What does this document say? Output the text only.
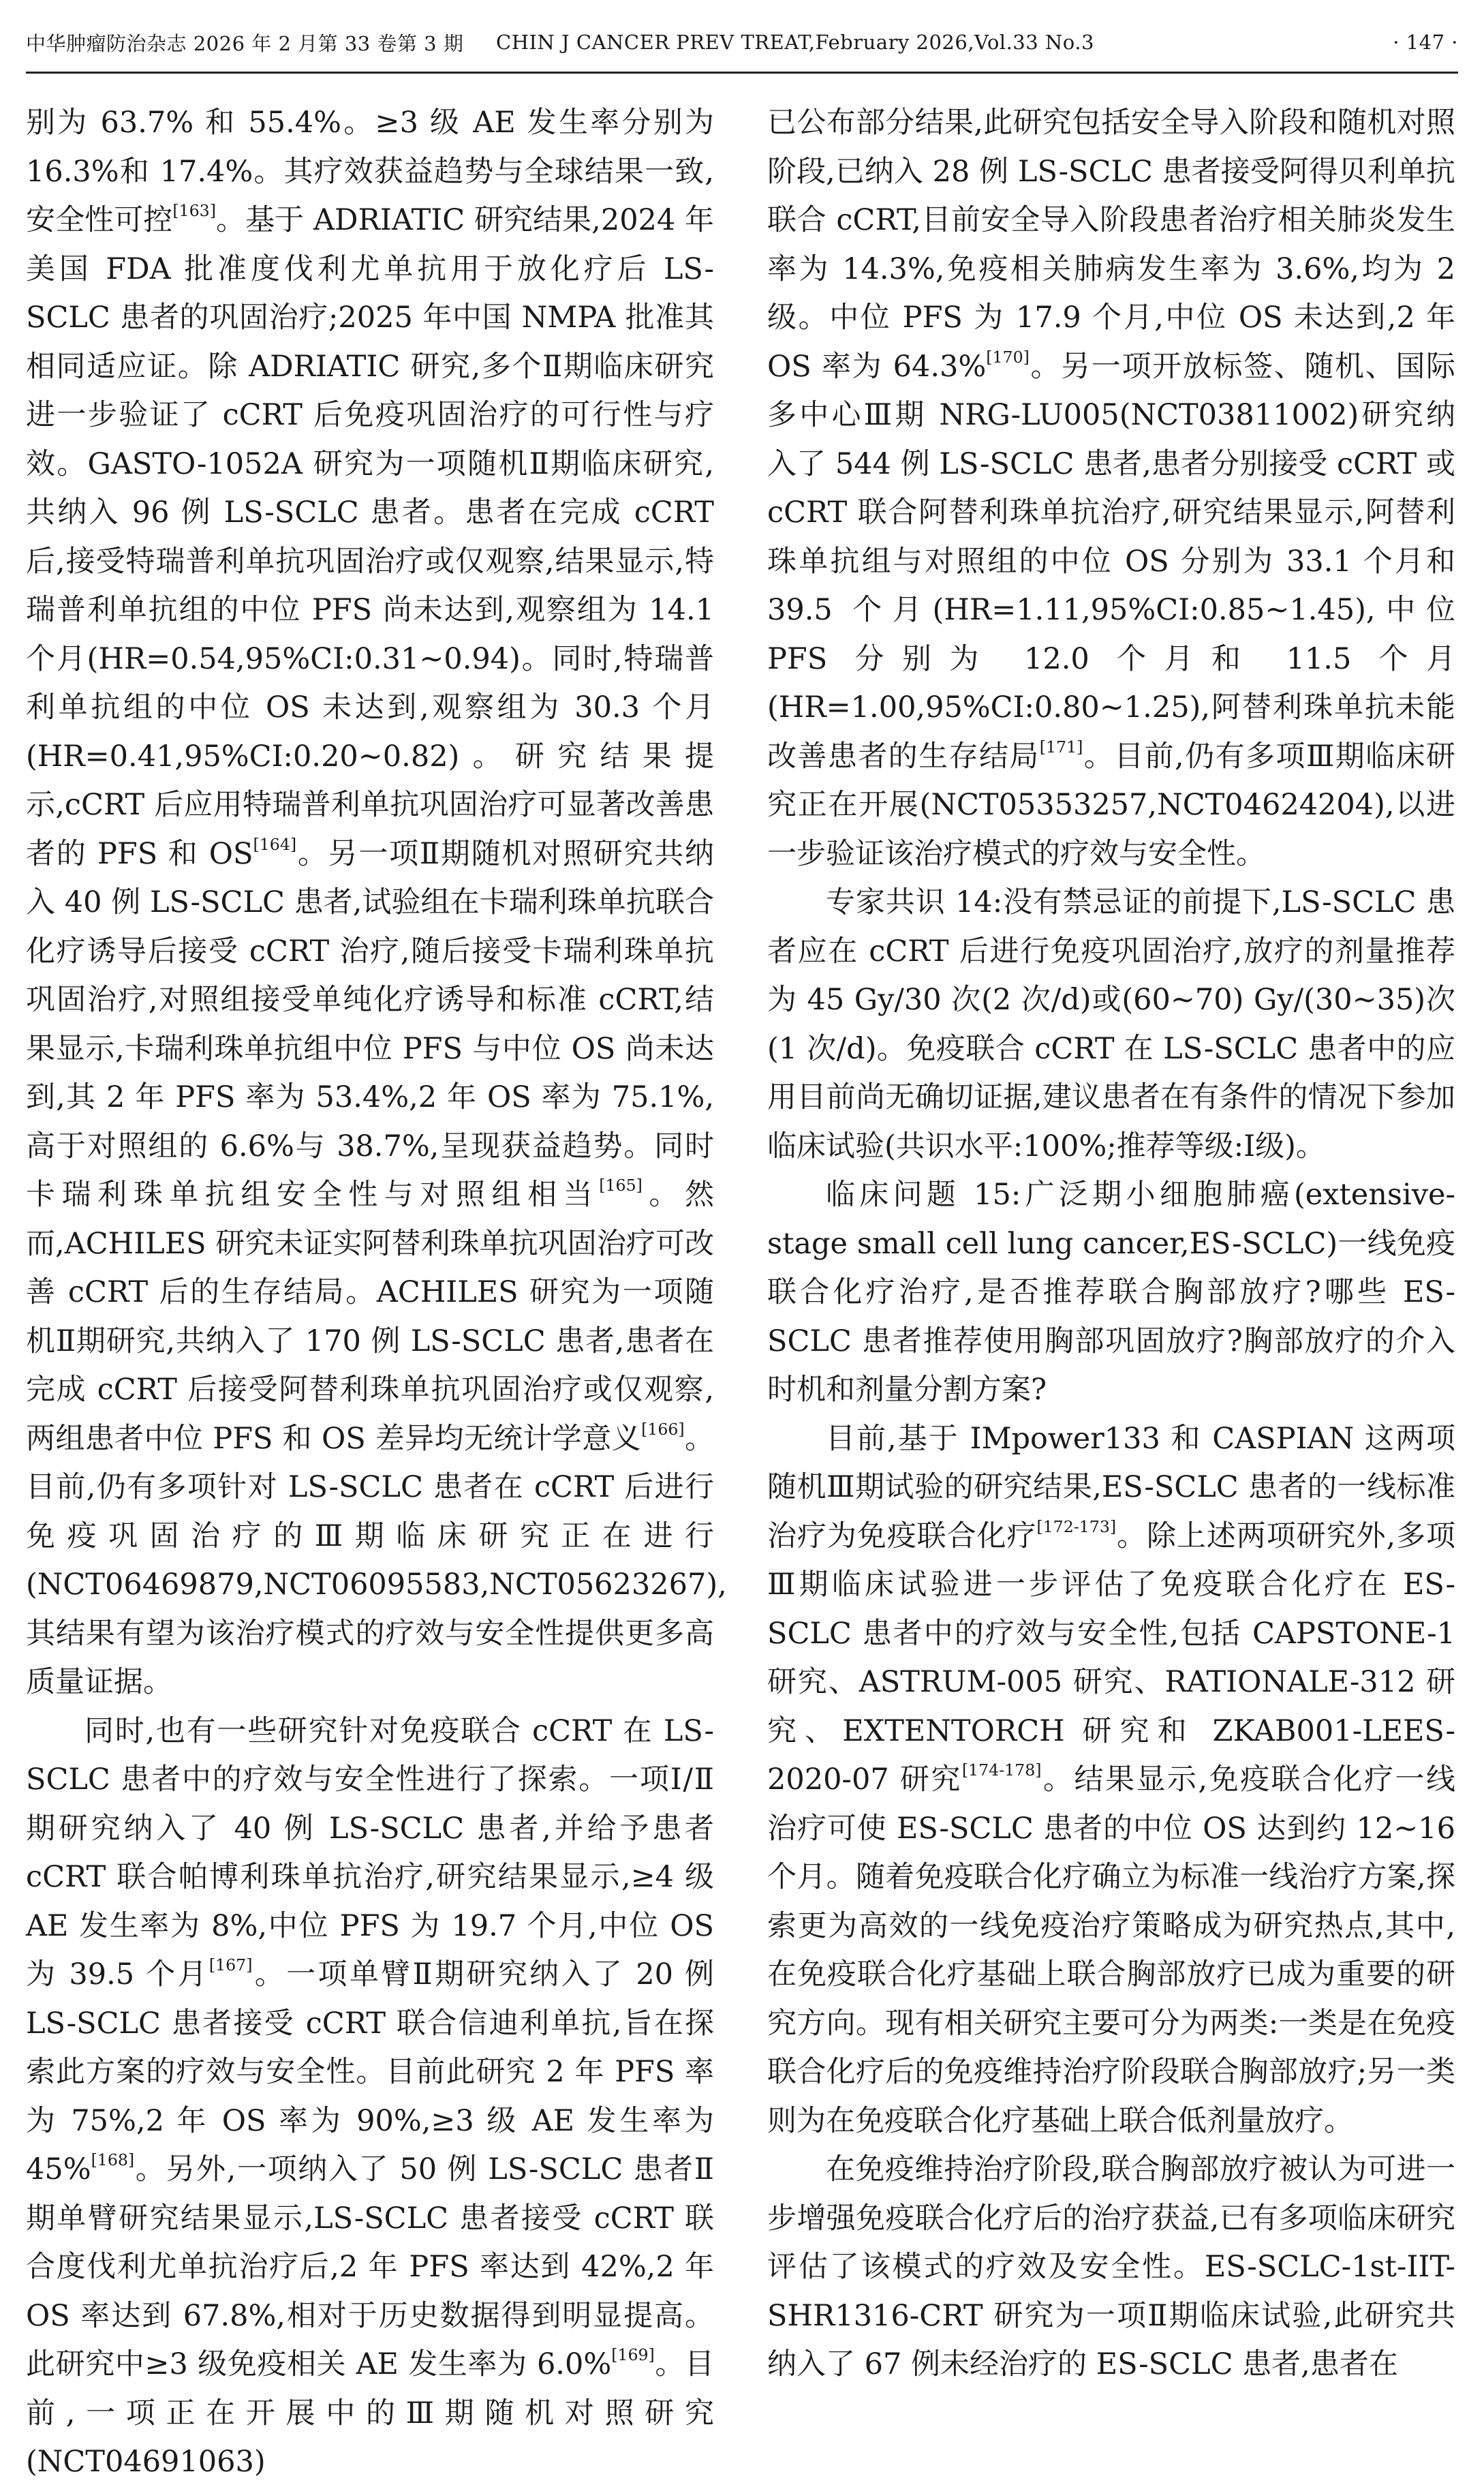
中华肿瘤防治杂志 2026 年 2 月第 33 卷第 3 期	CHIN J CANCER PREV TREAT,February 2026,Vol.33 No.3	· 147 ·

别为 63.7% 和 55.4%。≥3 级 AE 发生率分别为 16.3%和 17.4%。其疗效获益趋势与全球结果一致,安全性可控[163]。基于 ADRIATIC 研究结果,2024 年美国 FDA 批准度伐利尤单抗用于放化疗后 LS-SCLC 患者的巩固治疗;2025 年中国 NMPA 批准其相同适应证。除 ADRIATIC 研究,多个Ⅱ期临床研究进一步验证了 cCRT 后免疫巩固治疗的可行性与疗效。GASTO-1052A 研究为一项随机Ⅱ期临床研究,共纳入 96 例 LS-SCLC 患者。患者在完成 cCRT 后,接受特瑞普利单抗巩固治疗或仅观察,结果显示,特瑞普利单抗组的中位 PFS 尚未达到,观察组为 14.1 个月(HR=0.54,95%CI:0.31~0.94)。同时,特瑞普利单抗组的中位 OS 未达到,观察组为 30.3 个月(HR=0.41,95%CI:0.20~0.82)。研究结果提示,cCRT 后应用特瑞普利单抗巩固治疗可显著改善患者的 PFS 和 OS[164]。另一项Ⅱ期随机对照研究共纳入 40 例 LS-SCLC 患者,试验组在卡瑞利珠单抗联合化疗诱导后接受 cCRT 治疗,随后接受卡瑞利珠单抗巩固治疗,对照组接受单纯化疗诱导和标准 cCRT,结果显示,卡瑞利珠单抗组中位 PFS 与中位 OS 尚未达到,其 2 年 PFS 率为 53.4%,2 年 OS 率为 75.1%,高于对照组的 6.6%与 38.7%,呈现获益趋势。同时卡瑞利珠单抗组安全性与对照组相当[165]。然而,ACHILES 研究未证实阿替利珠单抗巩固治疗可改善 cCRT 后的生存结局。ACHILES 研究为一项随机Ⅱ期研究,共纳入了 170 例 LS-SCLC 患者,患者在完成 cCRT 后接受阿替利珠单抗巩固治疗或仅观察,两组患者中位 PFS 和 OS 差异均无统计学意义[166]。目前,仍有多项针对 LS-SCLC 患者在 cCRT 后进行免疫巩固治疗的Ⅲ期临床研究正在进行(NCT06469879,NCT06095583,NCT05623267),其结果有望为该治疗模式的疗效与安全性提供更多高质量证据。

同时,也有一些研究针对免疫联合 cCRT 在 LS-SCLC 患者中的疗效与安全性进行了探索。一项Ⅰ/Ⅱ期研究纳入了 40 例 LS-SCLC 患者,并给予患者 cCRT 联合帕博利珠单抗治疗,研究结果显示,≥4 级 AE 发生率为 8%,中位 PFS 为 19.7 个月,中位 OS 为 39.5 个月[167]。一项单臂Ⅱ期研究纳入了 20 例 LS-SCLC 患者接受 cCRT 联合信迪利单抗,旨在探索此方案的疗效与安全性。目前此研究 2 年 PFS 率为 75%,2 年 OS 率为 90%,≥3 级 AE 发生率为 45%[168]。另外,一项纳入了 50 例 LS-SCLC 患者Ⅱ期单臂研究结果显示,LS-SCLC 患者接受 cCRT 联合度伐利尤单抗治疗后,2 年 PFS 率达到 42%,2 年 OS 率达到 67.8%,相对于历史数据得到明显提高。此研究中≥3 级免疫相关 AE 发生率为 6.0%[169]。目前,一项正在开展中的Ⅲ期随机对照研究(NCT04691063)

已公布部分结果,此研究包括安全导入阶段和随机对照阶段,已纳入 28 例 LS-SCLC 患者接受阿得贝利单抗联合 cCRT,目前安全导入阶段患者治疗相关肺炎发生率为 14.3%,免疫相关肺病发生率为 3.6%,均为 2 级。中位 PFS 为 17.9 个月,中位 OS 未达到,2 年 OS 率为 64.3%[170]。另一项开放标签、随机、国际多中心Ⅲ期 NRG-LU005(NCT03811002)研究纳入了 544 例 LS-SCLC 患者,患者分别接受 cCRT 或 cCRT 联合阿替利珠单抗治疗,研究结果显示,阿替利珠单抗组与对照组的中位 OS 分别为 33.1 个月和 39.5 个月(HR=1.11,95%CI:0.85~1.45),中位 PFS 分别为 12.0 个月和 11.5 个月(HR=1.00,95%CI:0.80~1.25),阿替利珠单抗未能改善患者的生存结局[171]。目前,仍有多项Ⅲ期临床研究正在开展(NCT05353257,NCT04624204),以进一步验证该治疗模式的疗效与安全性。

专家共识 14:没有禁忌证的前提下,LS-SCLC 患者应在 cCRT 后进行免疫巩固治疗,放疗的剂量推荐为 45 Gy/30 次(2 次/d)或(60~70) Gy/(30~35)次(1 次/d)。免疫联合 cCRT 在 LS-SCLC 患者中的应用目前尚无确切证据,建议患者在有条件的情况下参加临床试验(共识水平:100%;推荐等级:Ⅰ级)。

临床问题 15:广泛期小细胞肺癌(extensive-stage small cell lung cancer,ES-SCLC)一线免疫联合化疗治疗,是否推荐联合胸部放疗?哪些 ES-SCLC 患者推荐使用胸部巩固放疗?胸部放疗的介入时机和剂量分割方案?

目前,基于 IMpower133 和 CASPIAN 这两项随机Ⅲ期试验的研究结果,ES-SCLC 患者的一线标准治疗为免疫联合化疗[172-173]。除上述两项研究外,多项Ⅲ期临床试验进一步评估了免疫联合化疗在 ES-SCLC 患者中的疗效与安全性,包括 CAPSTONE-1 研究、ASTRUM-005 研究、RATIONALE-312 研究、EXTENTORCH 研究和 ZKAB001-LEES-2020-07 研究[174-178]。结果显示,免疫联合化疗一线治疗可使 ES-SCLC 患者的中位 OS 达到约 12~16 个月。随着免疫联合化疗确立为标准一线治疗方案,探索更为高效的一线免疫治疗策略成为研究热点,其中,在免疫联合化疗基础上联合胸部放疗已成为重要的研究方向。现有相关研究主要可分为两类:一类是在免疫联合化疗后的免疫维持治疗阶段联合胸部放疗;另一类则为在免疫联合化疗基础上联合低剂量放疗。

在免疫维持治疗阶段,联合胸部放疗被认为可进一步增强免疫联合化疗后的治疗获益,已有多项临床研究评估了该模式的疗效及安全性。ES-SCLC-1st-IIT-SHR1316-CRT 研究为一项Ⅱ期临床试验,此研究共纳入了 67 例未经治疗的 ES-SCLC 患者,患者在
